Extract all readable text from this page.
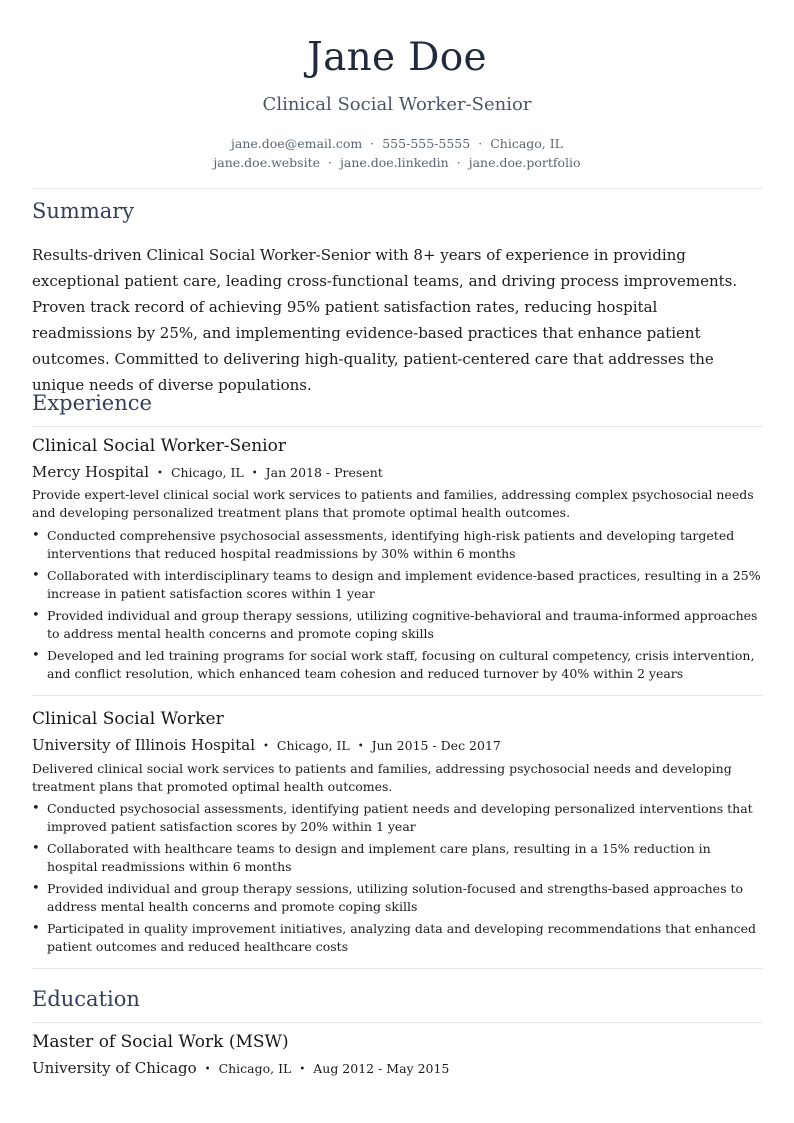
Jane Doe
Clinical Social Worker-Senior
jane.doe@email.com · 555-555-5555 · Chicago, IL
jane.doe.website · jane.doe.linkedin · jane.doe.portfolio
Summary
Results-driven Clinical Social Worker-Senior with 8+ years of experience in providing exceptional patient care, leading cross-functional teams, and driving process improvements. Proven track record of achieving 95% patient satisfaction rates, reducing hospital readmissions by 25%, and implementing evidence-based practices that enhance patient outcomes. Committed to delivering high-quality, patient-centered care that addresses the unique needs of diverse populations.
Experience
Clinical Social Worker-Senior
Mercy Hospital • Chicago, IL • Jan 2018 - Present
Provide expert-level clinical social work services to patients and families, addressing complex psychosocial needs and developing personalized treatment plans that promote optimal health outcomes.
• Conducted comprehensive psychosocial assessments, identifying high-risk patients and developing targeted interventions that reduced hospital readmissions by 30% within 6 months
• Collaborated with interdisciplinary teams to design and implement evidence-based practices, resulting in a 25% increase in patient satisfaction scores within 1 year
• Provided individual and group therapy sessions, utilizing cognitive-behavioral and trauma-informed approaches to address mental health concerns and promote coping skills
• Developed and led training programs for social work staff, focusing on cultural competency, crisis intervention, and conflict resolution, which enhanced team cohesion and reduced turnover by 40% within 2 years
Clinical Social Worker
University of Illinois Hospital • Chicago, IL • Jun 2015 - Dec 2017
Delivered clinical social work services to patients and families, addressing psychosocial needs and developing treatment plans that promoted optimal health outcomes.
• Conducted psychosocial assessments, identifying patient needs and developing personalized interventions that improved patient satisfaction scores by 20% within 1 year
• Collaborated with healthcare teams to design and implement care plans, resulting in a 15% reduction in hospital readmissions within 6 months
• Provided individual and group therapy sessions, utilizing solution-focused and strengths-based approaches to address mental health concerns and promote coping skills
• Participated in quality improvement initiatives, analyzing data and developing recommendations that enhanced patient outcomes and reduced healthcare costs
Education
Master of Social Work (MSW)
University of Chicago • Chicago, IL • Aug 2012 - May 2015
